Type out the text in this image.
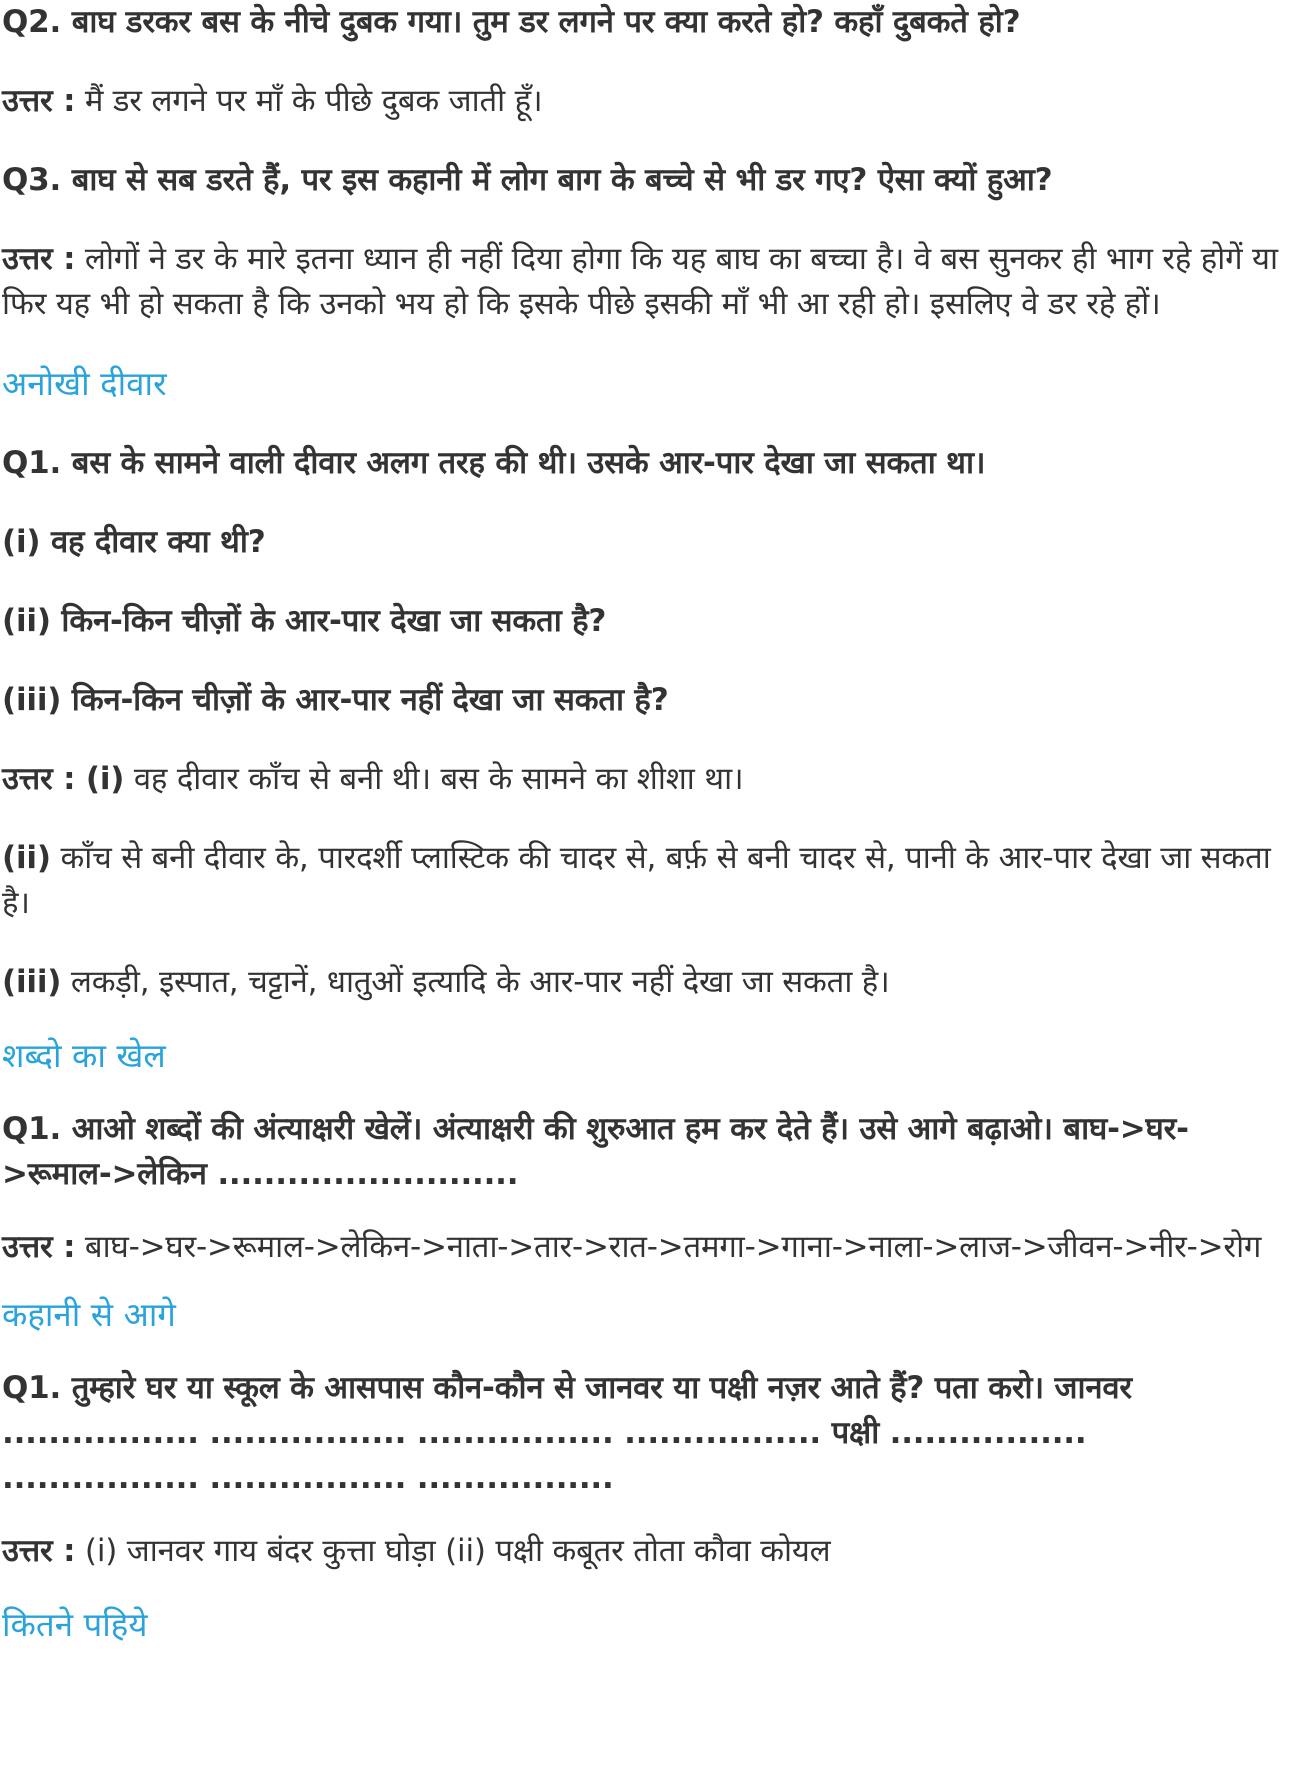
Q2. बाघ डरकर बस के नीचे दुबक गया। तुम डर लगने पर क्या करते हो? कहाँ दुबकते हो?

उत्तर : मैं डर लगने पर माँ के पीछे दुबक जाती हूँ।

Q3. बाघ से सब डरते हैं, पर इस कहानी में लोग बाग के बच्चे से भी डर गए? ऐसा क्यों हुआ?

उत्तर : लोगों ने डर के मारे इतना ध्यान ही नहीं दिया होगा कि यह बाघ का बच्चा है। वे बस सुनकर ही भाग रहे होगें या फिर यह भी हो सकता है कि उनको भय हो कि इसके पीछे इसकी माँ भी आ रही हो। इसलिए वे डर रहे हों।

अनोखी दीवार

Q1. बस के सामने वाली दीवार अलग तरह की थी। उसके आर-पार देखा जा सकता था।

(i) वह दीवार क्या थी?

(ii) किन-किन चीज़ों के आर-पार देखा जा सकता है?

(iii) किन-किन चीज़ों के आर-पार नहीं देखा जा सकता है?

उत्तर : (i) वह दीवार काँच से बनी थी। बस के सामने का शीशा था।

(ii) काँच से बनी दीवार के, पारदर्शी प्लास्टिक की चादर से, बर्फ़ से बनी चादर से, पानी के आर-पार देखा जा सकता है।

(iii) लकड़ी, इस्पात, चट्टानें, धातुओं इत्यादि के आर-पार नहीं देखा जा सकता है।

शब्दो का खेल

Q1. आओ शब्दों की अंत्याक्षरी खेलें। अंत्याक्षरी की शुरुआत हम कर देते हैं। उसे आगे बढ़ाओ। बाघ->घर->रूमाल->लेकिन ..........................

उत्तर : बाघ->घर->रूमाल->लेकिन->नाता->तार->रात->तमगा->गाना->नाला->लाज->जीवन->नीर->रोग

कहानी से आगे

Q1. तुम्हारे घर या स्कूल के आसपास कौन-कौन से जानवर या पक्षी नज़र आते हैं? पता करो। जानवर ................. ................. ................. ................. पक्षी ................. ................. ................. .................

उत्तर : (i) जानवर गाय बंदर कुत्ता घोड़ा (ii) पक्षी कबूतर तोता कौवा कोयल

कितने पहिये
